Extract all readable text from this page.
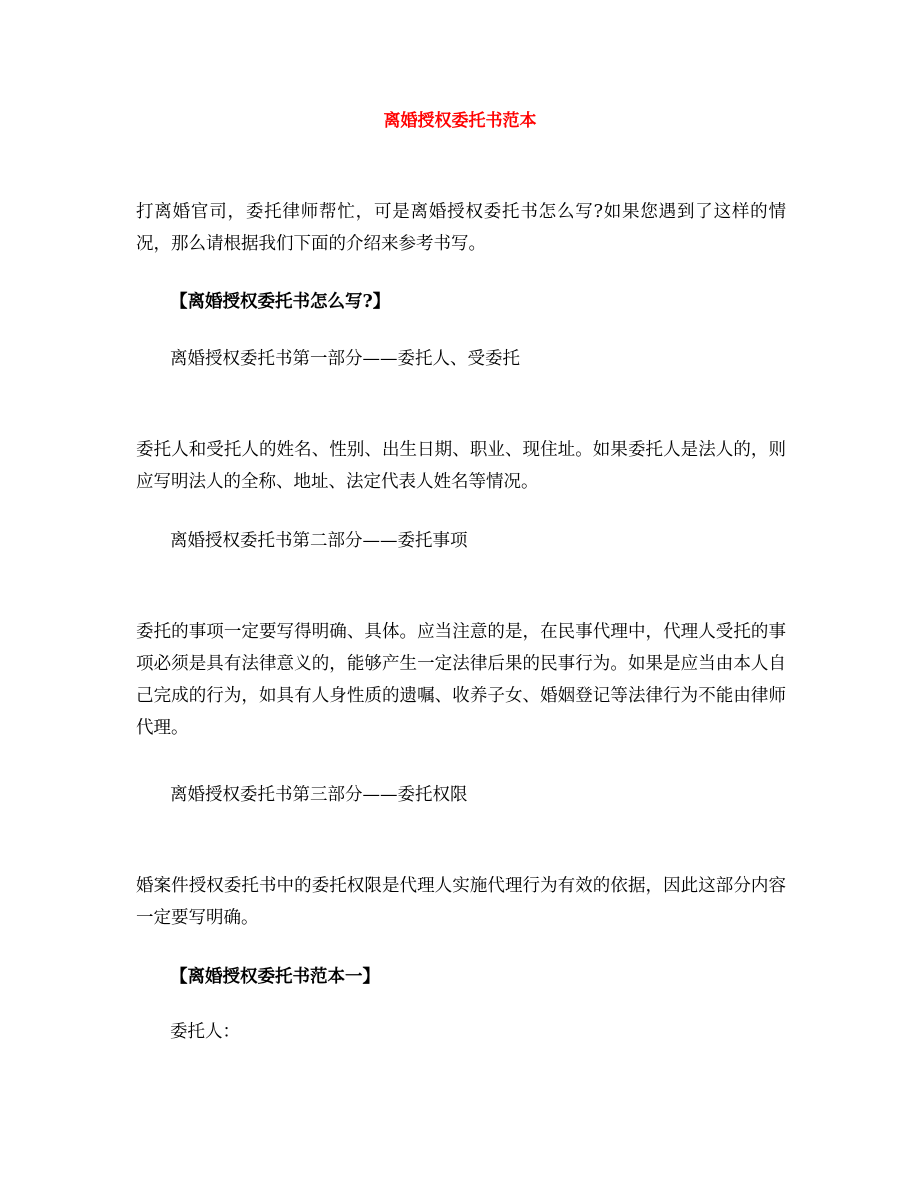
离婚授权委托书范本
打离婚官司，委托律师帮忙，可是离婚授权委托书怎么写?如果您遇到了这样的情况，那么请根据我们下面的介绍来参考书写。
【离婚授权委托书怎么写?】
离婚授权委托书第一部分——委托人、受委托
委托人和受托人的姓名、性别、出生日期、职业、现住址。如果委托人是法人的，则应写明法人的全称、地址、法定代表人姓名等情况。
离婚授权委托书第二部分——委托事项
委托的事项一定要写得明确、具体。应当注意的是，在民事代理中，代理人受托的事项必须是具有法律意义的，能够产生一定法律后果的民事行为。如果是应当由本人自己完成的行为，如具有人身性质的遗嘱、收养子女、婚姻登记等法律行为不能由律师代理。
离婚授权委托书第三部分——委托权限
婚案件授权委托书中的委托权限是代理人实施代理行为有效的依据，因此这部分内容一定要写明确。
【离婚授权委托书范本一】
委托人：
